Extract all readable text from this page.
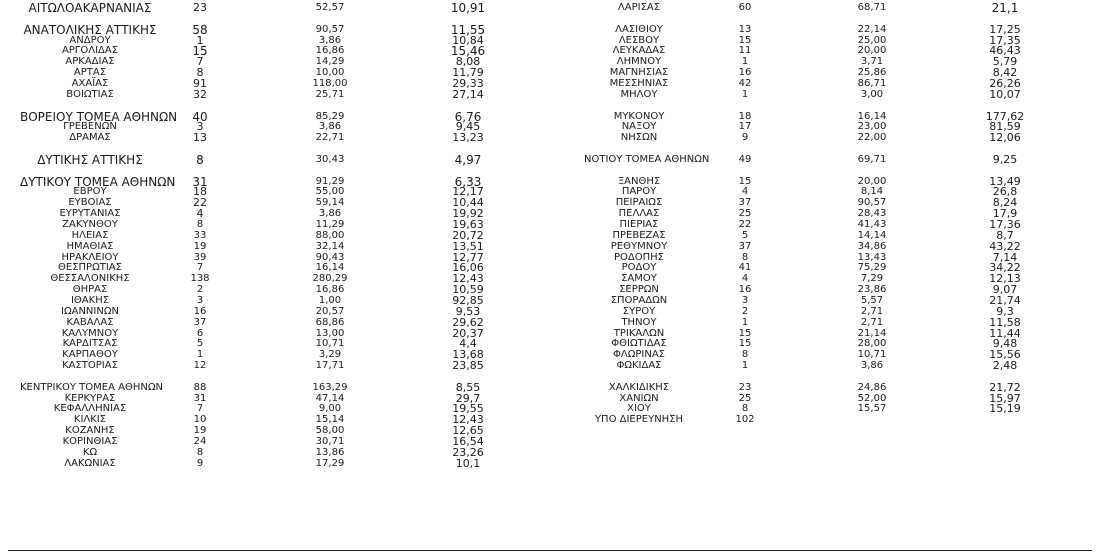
ΑΙΤΩΛΟΑΚΑΡΝΑΝΙΑΣ	23	52,57	10,91
ΑΝΑΤΟΛΙΚΗΣ ΑΤΤΙΚΗΣ	58	90,57	11,55
ΑΝΔΡΟΥ	1	3,86	10,84
ΑΡΓΟΛΙΔΑΣ	15	16,86	15,46
ΑΡΚΑΔΙΑΣ	7	14,29	8,08
ΑΡΤΑΣ	8	10,00	11,79
ΑΧΑΪΑΣ	91	118,00	29,33
ΒΟΙΩΤΙΑΣ	32	25,71	27,14
ΒΟΡΕΙΟΥ ΤΟΜΕΑ ΑΘΗΝΩΝ	40	85,29	6,76
ΓΡΕΒΕΝΩΝ	3	3,86	9,45
ΔΡΑΜΑΣ	13	22,71	13,23
ΔΥΤΙΚΗΣ ΑΤΤΙΚΗΣ	8	30,43	4,97
ΔΥΤΙΚΟΥ ΤΟΜΕΑ ΑΘΗΝΩΝ	31	91,29	6,33
ΕΒΡΟΥ	18	55,00	12,17
ΕΥΒΟΙΑΣ	22	59,14	10,44
ΕΥΡΥΤΑΝΙΑΣ	4	3,86	19,92
ΖΑΚΥΝΘΟΥ	8	11,29	19,63
ΗΛΕΙΑΣ	33	88,00	20,72
ΗΜΑΘΙΑΣ	19	32,14	13,51
ΗΡΑΚΛΕΙΟΥ	39	90,43	12,77
ΘΕΣΠΡΩΤΙΑΣ	7	16,14	16,06
ΘΕΣΣΑΛΟΝΙΚΗΣ	138	280,29	12,43
ΘΗΡΑΣ	2	16,86	10,59
ΙΘΑΚΗΣ	3	1,00	92,85
ΙΩΑΝΝΙΝΩΝ	16	20,57	9,53
ΚΑΒΑΛΑΣ	37	68,86	29,62
ΚΑΛΥΜΝΟΥ	6	13,00	20,37
ΚΑΡΔΙΤΣΑΣ	5	10,71	4,4
ΚΑΡΠΑΘΟΥ	1	3,29	13,68
ΚΑΣΤΟΡΙΑΣ	12	17,71	23,85
ΚΕΝΤΡΙΚΟΥ ΤΟΜΕΑ ΑΘΗΝΩΝ	88	163,29	8,55
ΚΕΡΚΥΡΑΣ	31	47,14	29,7
ΚΕΦΑΛΛΗΝΙΑΣ	7	9,00	19,55
ΚΙΛΚΙΣ	10	15,14	12,43
ΚΟΖΑΝΗΣ	19	58,00	12,65
ΚΟΡΙΝΘΙΑΣ	24	30,71	16,54
ΚΩ	8	13,86	23,26
ΛΑΚΩΝΙΑΣ	9	17,29	10,1
ΛΑΡΙΣΑΣ	60	68,71	21,1
ΛΑΣΙΘΙΟΥ	13	22,14	17,25
ΛΕΣΒΟΥ	15	25,00	17,35
ΛΕΥΚΑΔΑΣ	11	20,00	46,43
ΛΗΜΝΟΥ	1	3,71	5,79
ΜΑΓΝΗΣΙΑΣ	16	25,86	8,42
ΜΕΣΣΗΝΙΑΣ	42	86,71	26,26
ΜΗΛΟΥ	1	3,00	10,07
ΜΥΚΟΝΟΥ	18	16,14	177,62
ΝΑΞΟΥ	17	23,00	81,59
ΝΗΣΩΝ	9	22,00	12,06
ΝΟΤΙΟΥ ΤΟΜΕΑ ΑΘΗΝΩΝ	49	69,71	9,25
ΞΑΝΘΗΣ	15	20,00	13,49
ΠΑΡΟΥ	4	8,14	26,8
ΠΕΙΡΑΙΩΣ	37	90,57	8,24
ΠΕΛΛΑΣ	25	28,43	17,9
ΠΙΕΡΙΑΣ	22	41,43	17,36
ΠΡΕΒΕΖΑΣ	5	14,14	8,7
ΡΕΘΥΜΝΟΥ	37	34,86	43,22
ΡΟΔΟΠΗΣ	8	13,43	7,14
ΡΟΔΟΥ	41	75,29	34,22
ΣΑΜΟΥ	4	7,29	12,13
ΣΕΡΡΩΝ	16	23,86	9,07
ΣΠΟΡΑΔΩΝ	3	5,57	21,74
ΣΥΡΟΥ	2	2,71	9,3
ΤΗΝΟΥ	1	2,71	11,58
ΤΡΙΚΑΛΩΝ	15	21,14	11,44
ΦΘΙΩΤΙΔΑΣ	15	28,00	9,48
ΦΛΩΡΙΝΑΣ	8	10,71	15,56
ΦΩΚΙΔΑΣ	1	3,86	2,48
ΧΑΛΚΙΔΙΚΗΣ	23	24,86	21,72
ΧΑΝΙΩΝ	25	52,00	15,97
ΧΙΟΥ	8	15,57	15,19
ΥΠΟ ΔΙΕΡΕΥΝΗΣΗ	102
